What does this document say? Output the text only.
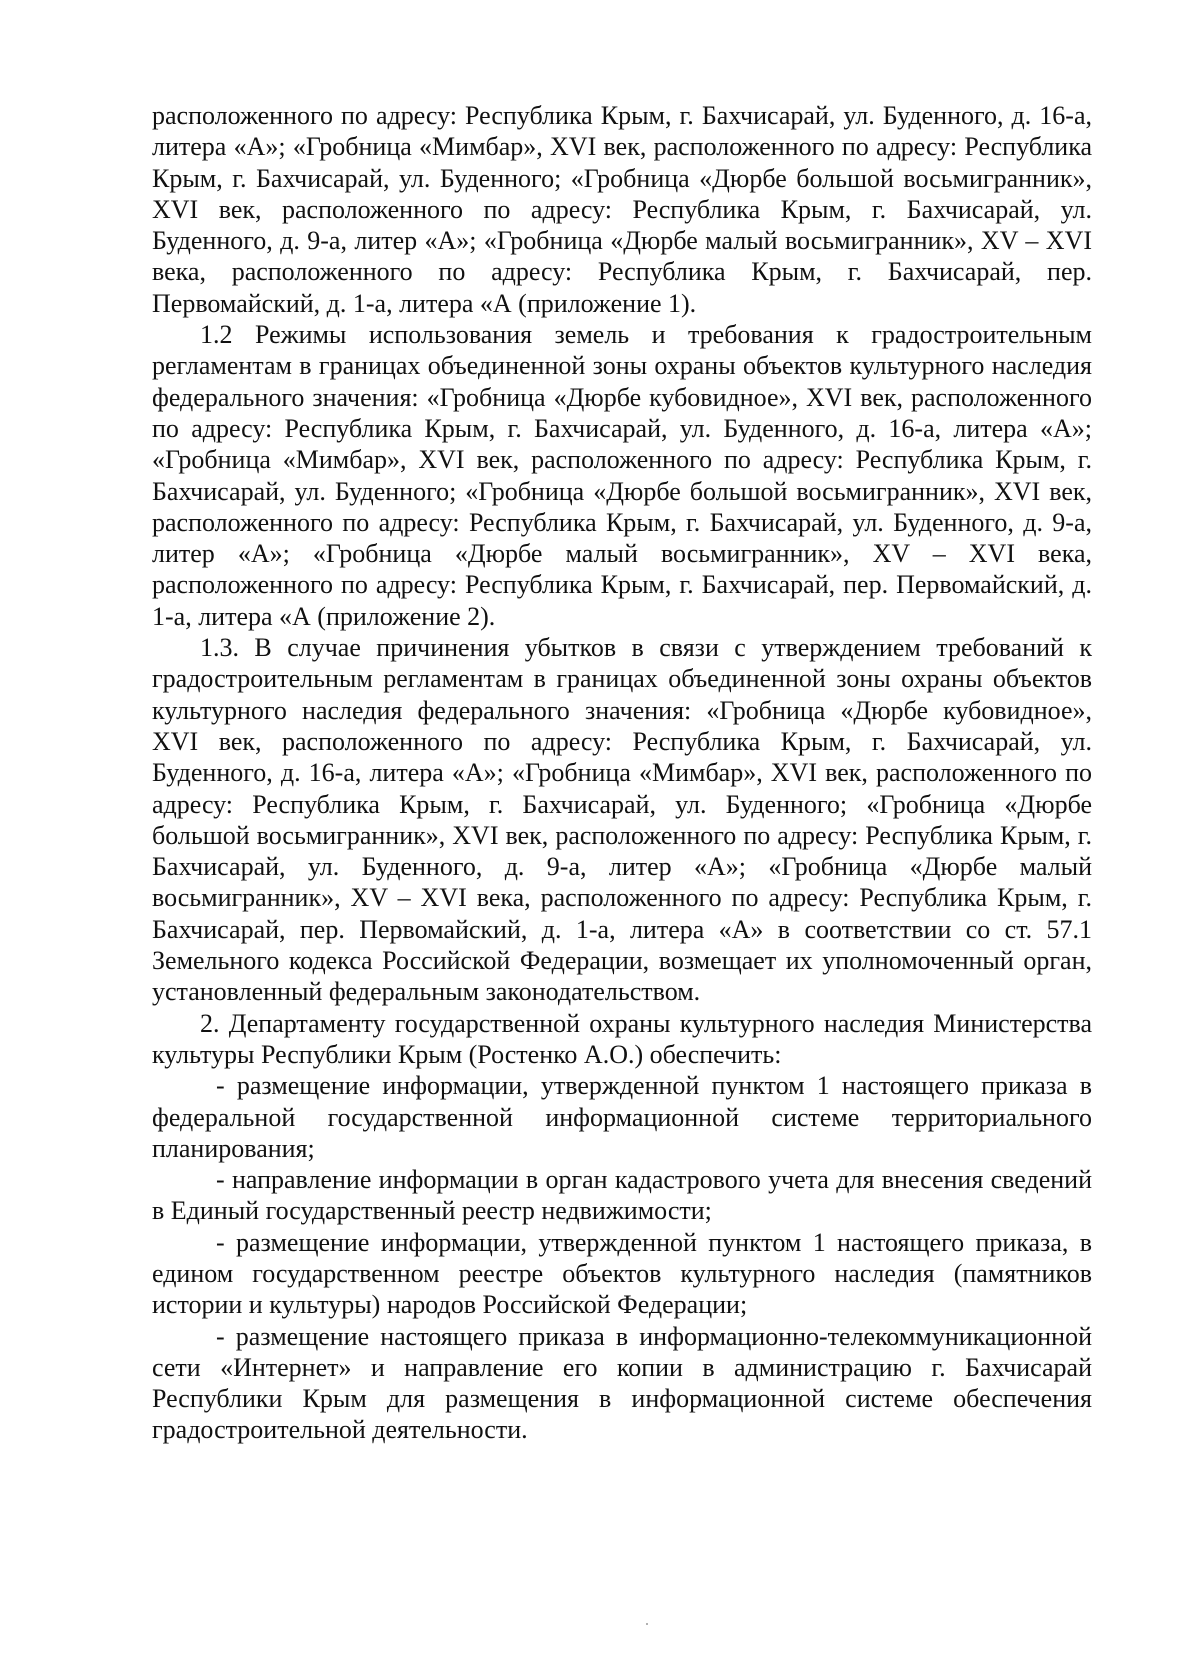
расположенного по адресу: Республика Крым, г. Бахчисарай, ул. Буденного, д. 16-а, литера «А»; «Гробница «Мимбар», XVI век, расположенного по адресу: Республика Крым, г. Бахчисарай, ул. Буденного; «Гробница «Дюрбе большой восьмигранник», XVI век, расположенного по адресу: Республика Крым, г. Бахчисарай, ул. Буденного, д. 9-а, литер «А»; «Гробница «Дюрбе малый восьмигранник», XV – XVI века, расположенного по адресу: Республика Крым, г. Бахчисарай, пер. Первомайский, д. 1-а, литера «А (приложение 1).

1.2 Режимы использования земель и требования к градостроительным регламентам в границах объединенной зоны охраны объектов культурного наследия федерального значения: «Гробница «Дюрбе кубовидное», XVI век, расположенного по адресу: Республика Крым, г. Бахчисарай, ул. Буденного, д. 16-а, литера «А»; «Гробница «Мимбар», XVI век, расположенного по адресу: Республика Крым, г. Бахчисарай, ул. Буденного; «Гробница «Дюрбе большой восьмигранник», XVI век, расположенного по адресу: Республика Крым, г. Бахчисарай, ул. Буденного, д. 9-а, литер «А»; «Гробница «Дюрбе малый восьмигранник», XV – XVI века, расположенного по адресу: Республика Крым, г. Бахчисарай, пер. Первомайский, д. 1-а, литера «А (приложение 2).

1.3. В случае причинения убытков в связи с утверждением требований к градостроительным регламентам в границах объединенной зоны охраны объектов культурного наследия федерального значения: «Гробница «Дюрбе кубовидное», XVI век, расположенного по адресу: Республика Крым, г. Бахчисарай, ул. Буденного, д. 16-а, литера «А»; «Гробница «Мимбар», XVI век, расположенного по адресу: Республика Крым, г. Бахчисарай, ул. Буденного; «Гробница «Дюрбе большой восьмигранник», XVI век, расположенного по адресу: Республика Крым, г. Бахчисарай, ул. Буденного, д. 9-а, литер «А»; «Гробница «Дюрбе малый восьмигранник», XV – XVI века, расположенного по адресу: Республика Крым, г. Бахчисарай, пер. Первомайский, д. 1-а, литера «А» в соответствии со ст. 57.1 Земельного кодекса Российской Федерации, возмещает их уполномоченный орган, установленный федеральным законодательством.

2. Департаменту государственной охраны культурного наследия Министерства культуры Республики Крым (Ростенко А.О.) обеспечить:

- размещение информации, утвержденной пунктом 1 настоящего приказа в федеральной государственной информационной системе территориального планирования;

- направление информации в орган кадастрового учета для внесения сведений в Единый государственный реестр недвижимости;

- размещение информации, утвержденной пунктом 1 настоящего приказа, в едином государственном реестре объектов культурного наследия (памятников истории и культуры) народов Российской Федерации;

- размещение настоящего приказа в информационно-телекоммуникационной сети «Интернет» и направление его копии в администрацию г. Бахчисарай Республики Крым для размещения в информационной системе обеспечения градостроительной деятельности.
